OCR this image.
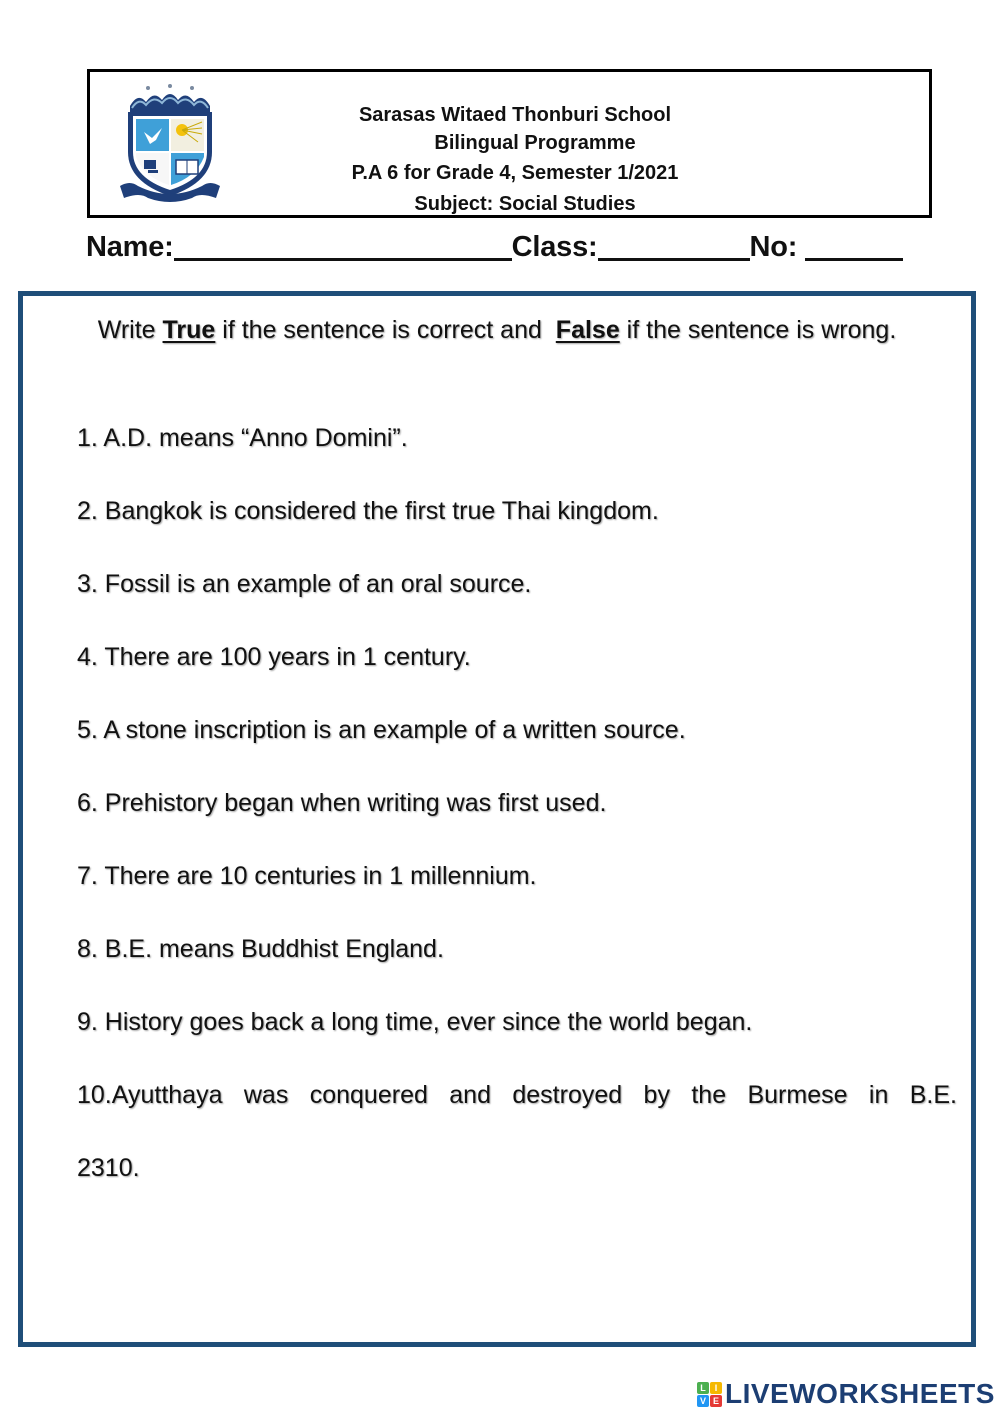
Sarasas Witaed Thonburi School
Bilingual Programme
P.A 6 for Grade 4, Semester 1/2021
Subject: Social Studies
Name:	Class:	No:
Write True if the sentence is correct and  False if the sentence is wrong.
1. A.D. means “Anno Domini”.
2. Bangkok is considered the first true Thai kingdom.
3. Fossil is an example of an oral source.
4. There are 100 years in 1 century.
5. A stone inscription is an example of a written source.
6. Prehistory began when writing was first used.
7. There are 10 centuries in 1 millennium.
8. B.E. means Buddhist England.
9. History goes back a long time, ever since the world began.
10.Ayutthaya was conquered and destroyed by the Burmese in B.E.
2310.
L I
V E LIVEWORKSHEETS
